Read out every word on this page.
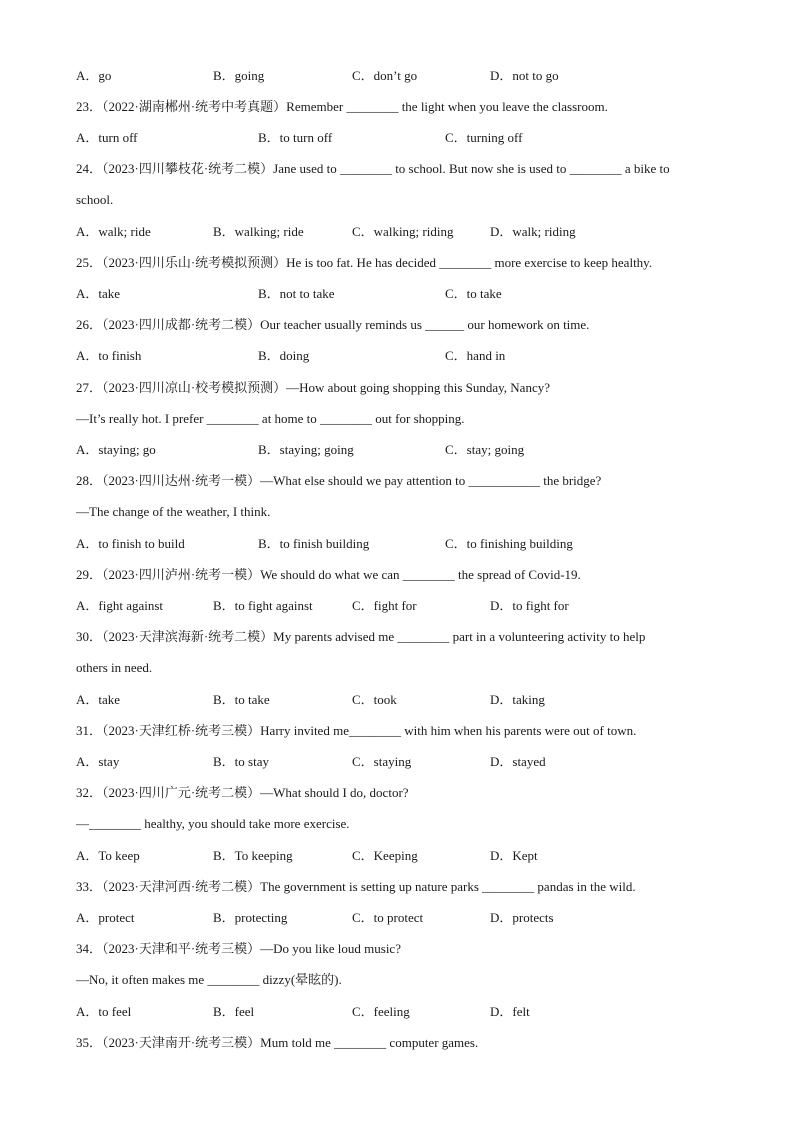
A．go	B．going	C．don’t go	D．not to go
23．（2022·湖南郴州·统考中考真题）Remember ________ the light when you leave the classroom.
A．turn off	B．to turn off	C．turning off
24．（2023·四川攀枝花·统考二模）Jane used to ________ to school. But now she is used to ________ a bike to
school.
A．walk; ride	B．walking; ride	C．walking; riding	D．walk; riding
25．（2023·四川乐山·统考模拟预测）He is too fat. He has decided ________ more exercise to keep healthy.
A．take	B．not to take	C．to take
26．（2023·四川成都·统考二模）Our teacher usually reminds us ______ our homework on time.
A．to finish	B．doing	C．hand in
27．（2023·四川凉山·校考模拟预测）—How about going shopping this Sunday, Nancy?
—It’s really hot. I prefer ________ at home to ________ out for shopping.
A．staying; go	B．staying; going	C．stay; going
28．（2023·四川达州·统考一模）—What else should we pay attention to ___________ the bridge?
—The change of the weather, I think.
A．to finish to build	B．to finish building	C．to finishing building
29．（2023·四川泸州·统考一模）We should do what we can ________ the spread of Covid-19.
A．fight against	B．to fight against	C．fight for	D．to fight for
30．（2023·天津滨海新·统考二模）My parents advised me ________ part in a volunteering activity to help
others in need.
A．take	B．to take	C．took	D．taking
31．（2023·天津红桥·统考三模）Harry invited me________ with him when his parents were out of town.
A．stay	B．to stay	C．staying	D．stayed
32．（2023·四川广元·统考二模）—What should I do, doctor?
—________ healthy, you should take more exercise.
A．To keep	B．To keeping	C．Keeping	D．Kept
33．（2023·天津河西·统考二模）The government is setting up nature parks ________ pandas in the wild.
A．protect	B．protecting	C．to protect	D．protects
34．（2023·天津和平·统考三模）—Do you like loud music?
—No, it often makes me ________ dizzy(晕眩的).
A．to feel	B．feel	C．feeling	D．felt
35．（2023·天津南开·统考三模）Mum told me ________ computer games.
